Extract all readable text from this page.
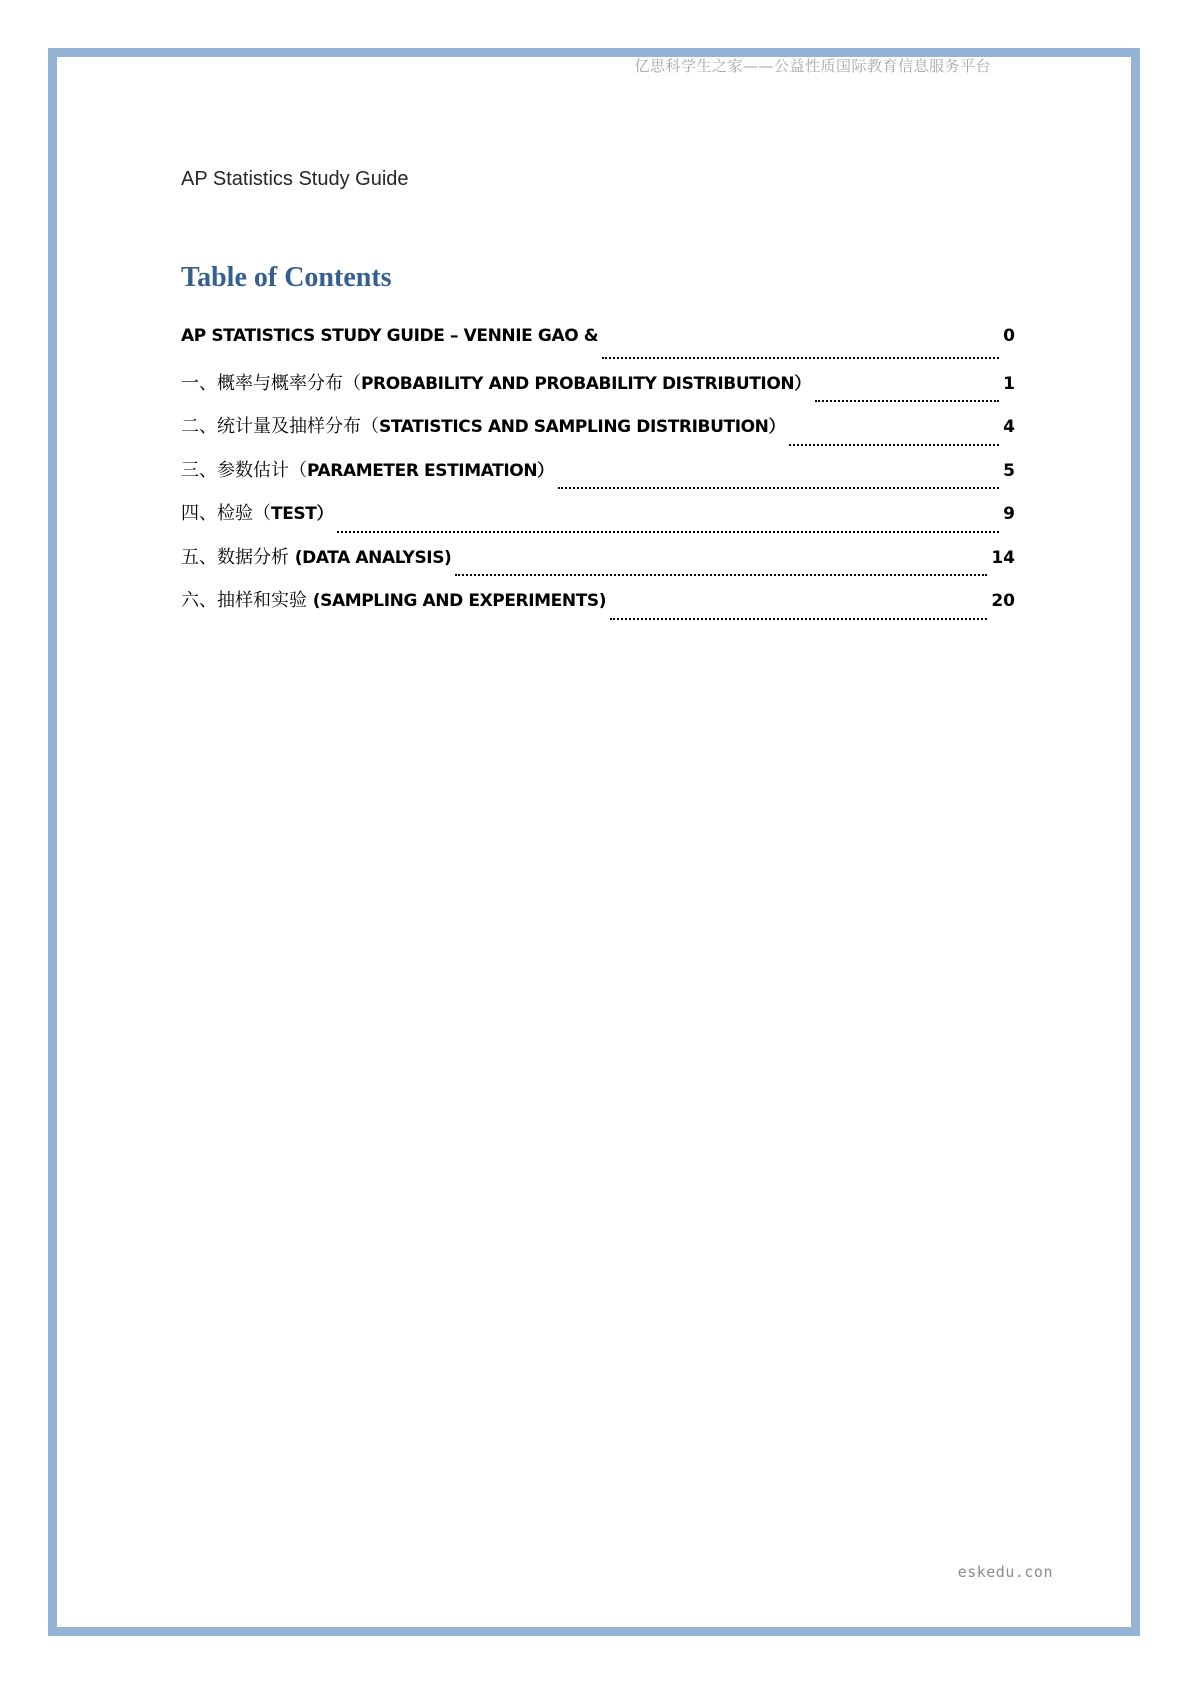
亿思科学生之家——公益性质国际教育信息服务平台
AP Statistics Study Guide
Table of Contents
AP STATISTICS STUDY GUIDE – VENNIE GAO &	0
一、概率与概率分布（PROBABILITY AND PROBABILITY DISTRIBUTION）	1
二、统计量及抽样分布（STATISTICS AND SAMPLING DISTRIBUTION）	4
三、参数估计（PARAMETER ESTIMATION）	5
四、检验（TEST）	9
五、数据分析 (DATA ANALYSIS)	14
六、抽样和实验 (SAMPLING AND EXPERIMENTS)	20
eskedu.con
